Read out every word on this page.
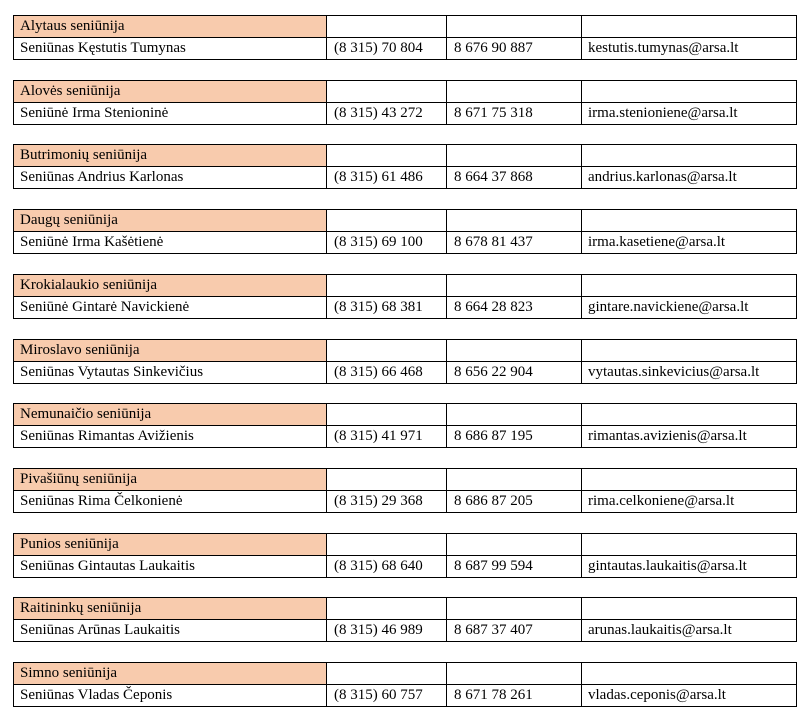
Alytaus seniūnija			
Seniūnas Kęstutis Tumynas	(8 315) 70 804	8 676 90 887	kestutis.tumynas@arsa.lt
Alovės seniūnija			
Seniūnė Irma Stenioninė	(8 315) 43 272	8 671 75 318	irma.stenioniene@arsa.lt
Butrimonių seniūnija			
Seniūnas Andrius Karlonas	(8 315) 61 486	8 664 37 868	andrius.karlonas@arsa.lt
Daugų seniūnija			
Seniūnė Irma Kašėtienė	(8 315) 69 100	8 678 81 437	irma.kasetiene@arsa.lt
Krokialaukio seniūnija			
Seniūnė Gintarė Navickienė	(8 315) 68 381	8 664 28 823	gintare.navickiene@arsa.lt
Miroslavo seniūnija			
Seniūnas Vytautas Sinkevičius	(8 315) 66 468	8 656 22 904	vytautas.sinkevicius@arsa.lt
Nemunaičio seniūnija			
Seniūnas Rimantas Avižienis	(8 315) 41 971	8 686 87 195	rimantas.avizienis@arsa.lt
Pivašiūnų seniūnija			
Seniūnas Rima Čelkonienė	(8 315) 29 368	8 686 87 205	rima.celkoniene@arsa.lt
Punios seniūnija			
Seniūnas Gintautas Laukaitis	(8 315) 68 640	8 687 99 594	gintautas.laukaitis@arsa.lt
Raitininkų seniūnija			
Seniūnas Arūnas Laukaitis	(8 315) 46 989	8 687 37 407	arunas.laukaitis@arsa.lt
Simno seniūnija			
Seniūnas Vladas Čeponis	(8 315) 60 757	8 671 78 261	vladas.ceponis@arsa.lt
